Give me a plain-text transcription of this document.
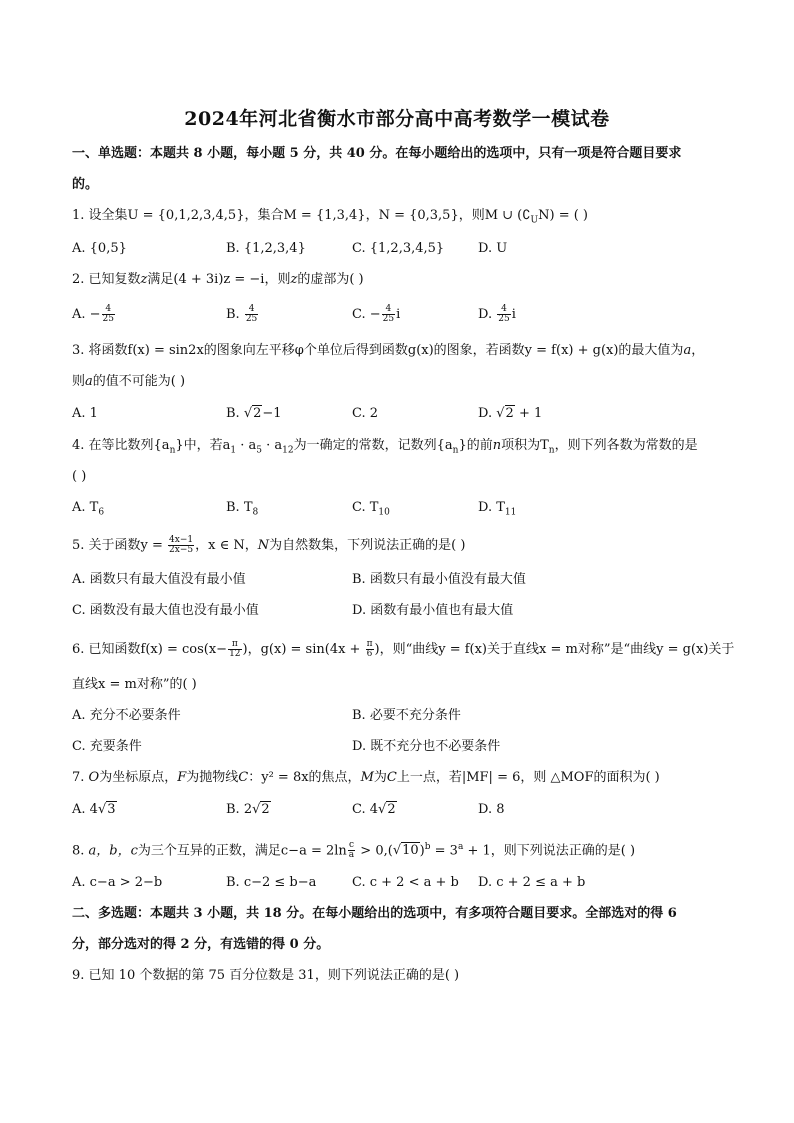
2024年河北省衡水市部分高中高考数学一模试卷
一、单选题：本题共 8 小题，每小题 5 分，共 40 分。在每小题给出的选项中，只有一项是符合题目要求
的。
1. 设全集U = {0,1,2,3,4,5}，集合M = {1,3,4}，N = {0,3,5}，则M ∪ $(∁_UN)$ = ( )
A. {0,5}	B. {1,2,3,4}	C. {1,2,3,4,5}	D. U
2. 已知复数z满足(4 + 3i)z = −i，则z的虚部为( )
A. − $\frac{4}{25}$	B. $\frac{4}{25}$	C. − $\frac{4}{25}$ i	D. $\frac{4}{25}$ i
3. 将函数f(x) = sin2x的图象向左平移φ个单位后得到函数g(x)的图象，若函数y = f(x) + g(x)的最大值为a，
则a的值不可能为( )
A. 1	B. √2−1	C. 2	D. √2 + 1
4. 在等比数列$\{a_n\}$中，若$a_1 \cdot a_5 \cdot a_{12}$为一确定的常数，记数列$\{a_n\}$的前n项积为$T_n$，则下列各数为常数的是
( )
A. $T_6$	B. $T_8$	C. $T_{10}$	D. $T_{11}$
5. 关于函数$y = \frac{4x-1}{2x-5}$ ，x ∈ N，N为自然数集，下列说法正确的是( )
A. 函数只有最大值没有最小值	B. 函数只有最小值没有最大值
C. 函数没有最大值也没有最小值	D. 函数有最小值也有最大值
6. 已知函数$f(x) = \cos(x- \frac{\pi}{12}$ )，$g(x) = \sin(4x + \frac{\pi}{6}$ )，则“曲线y = f(x)关于直线x = m对称”是“曲线y = g(x)关于
直线x = m对称”的( )
A. 充分不必要条件	B. 必要不充分条件
C. 充要条件	D. 既不充分也不必要条件
7. O为坐标原点，F为抛物线C：y² = 8x的焦点，M为C上一点，若|MF| = 6，则 △MOF的面积为( )
A. 4√3	B. 2√2	C. 4√2	D. 8
8. a，b，c为三个互异的正数，满足$c-a = 2\ln \frac{c}{a} > 0,(√10)^b = 3^a + 1$，则下列说法正确的是( )
A. c−a > 2−b	B. c−2 ≤ b−a	C. c + 2 < a + b D. c + 2 ≤ a + b
二、多选题：本题共 3 小题，共 18 分。在每小题给出的选项中，有多项符合题目要求。全部选对的得 6
分，部分选对的得 2 分，有选错的得 0 分。
9. 已知 10 个数据的第 75 百分位数是 31，则下列说法正确的是( )
